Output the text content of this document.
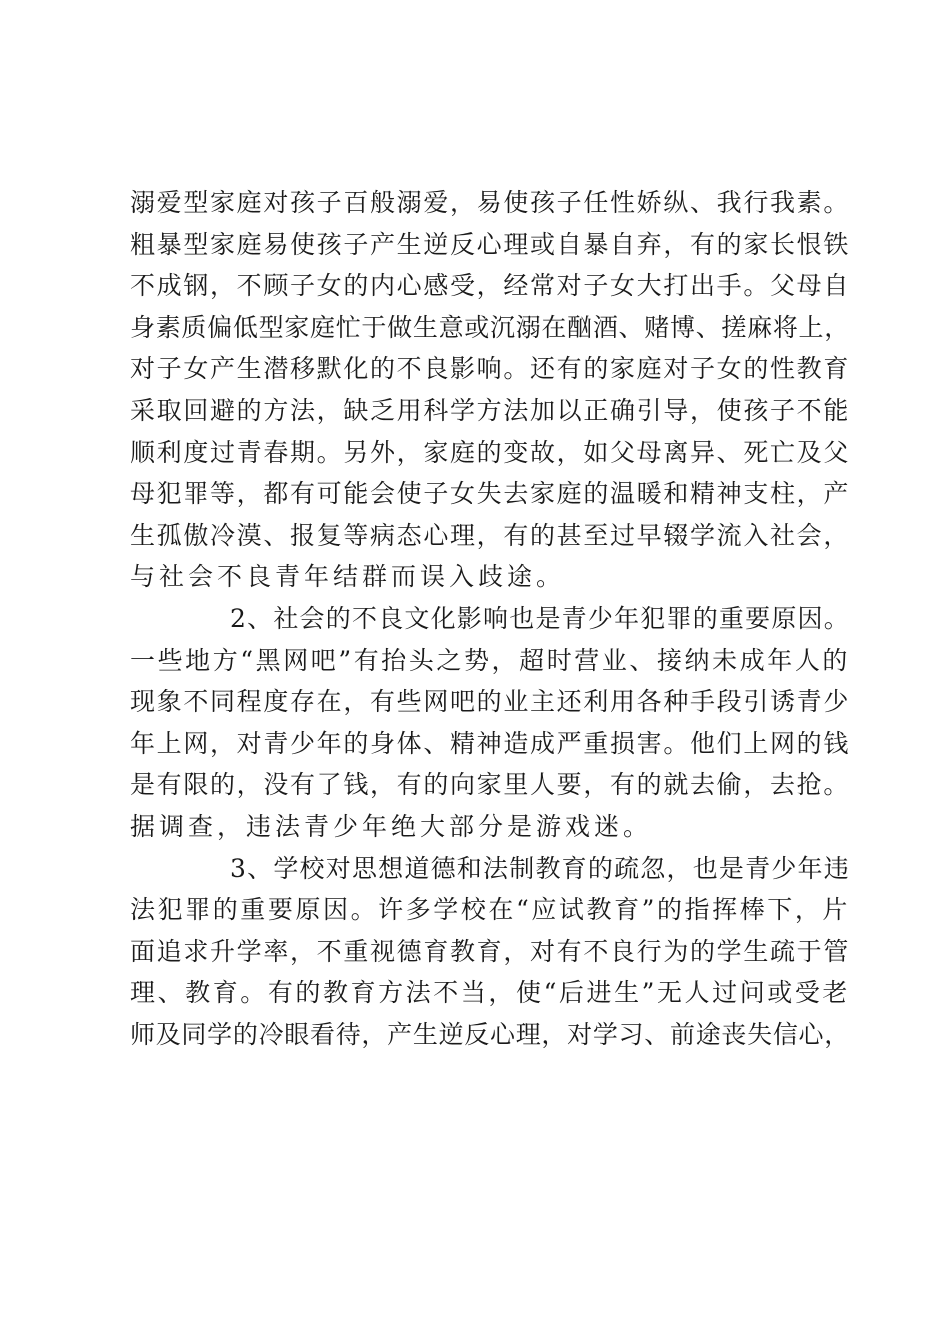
溺爱型家庭对孩子百般溺爱，易使孩子任性娇纵、我行我素。
粗暴型家庭易使孩子产生逆反心理或自暴自弃，有的家长恨铁
不成钢，不顾子女的内心感受，经常对子女大打出手。父母自
身素质偏低型家庭忙于做生意或沉溺在酗酒、赌博、搓麻将上，
对子女产生潜移默化的不良影响。还有的家庭对子女的性教育
采取回避的方法，缺乏用科学方法加以正确引导，使孩子不能
顺利度过青春期。另外，家庭的变故，如父母离异、死亡及父
母犯罪等，都有可能会使子女失去家庭的温暖和精神支柱，产
生孤傲冷漠、报复等病态心理，有的甚至过早辍学流入社会，
与社会不良青年结群而误入歧途。
2、社会的不良文化影响也是青少年犯罪的重要原因。
一些地方“黑网吧”有抬头之势，超时营业、接纳未成年人的
现象不同程度存在，有些网吧的业主还利用各种手段引诱青少
年上网，对青少年的身体、精神造成严重损害。他们上网的钱
是有限的，没有了钱，有的向家里人要，有的就去偷，去抢。
据调查，违法青少年绝大部分是游戏迷。
3、学校对思想道德和法制教育的疏忽，也是青少年违
法犯罪的重要原因。许多学校在“应试教育”的指挥棒下，片
面追求升学率，不重视德育教育，对有不良行为的学生疏于管
理、教育。有的教育方法不当，使“后进生”无人过问或受老
师及同学的冷眼看待，产生逆反心理，对学习、前途丧失信心，
